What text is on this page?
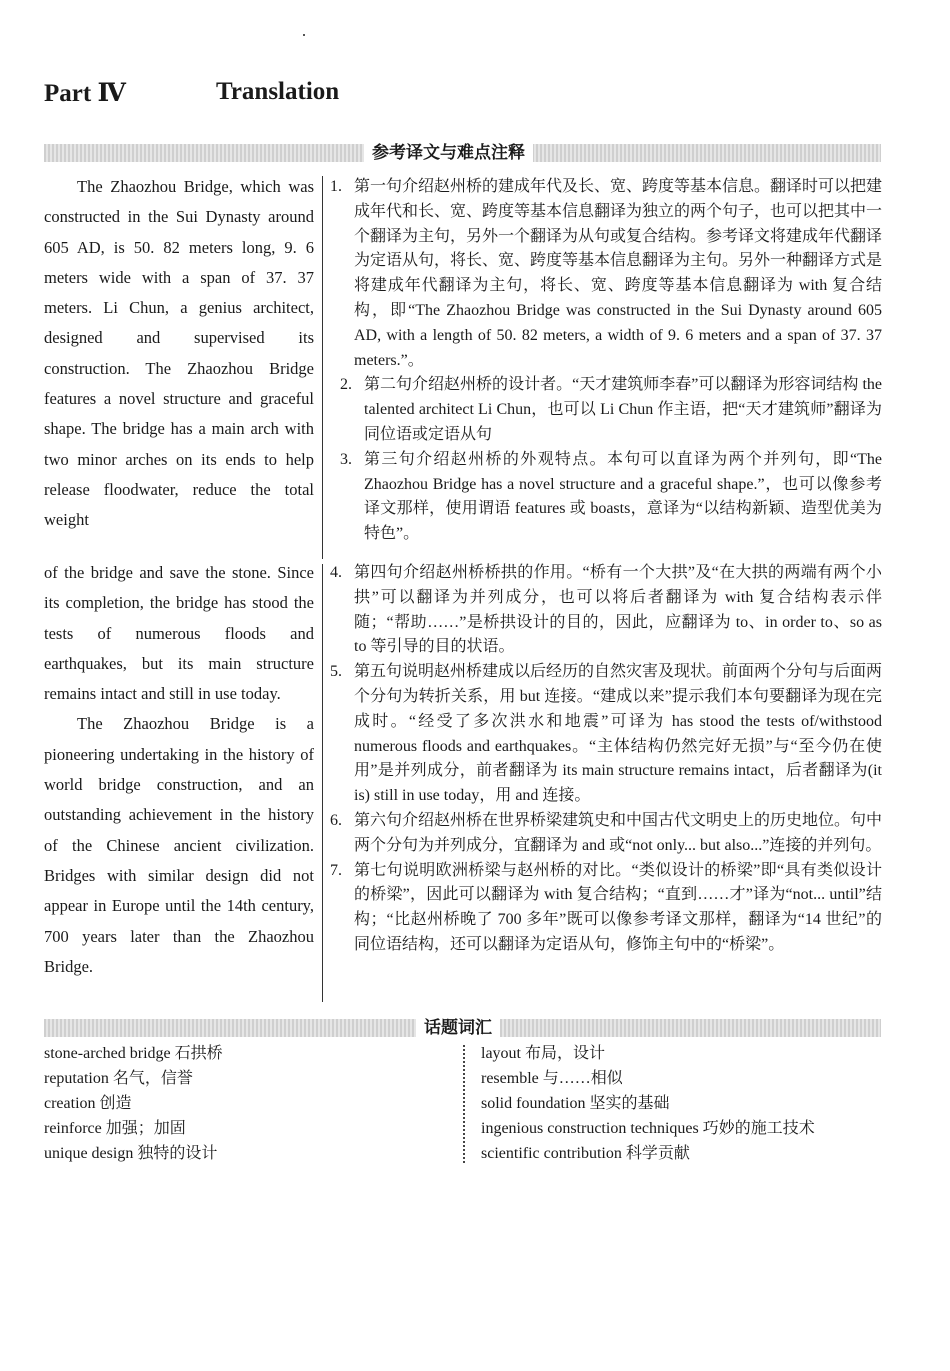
Part Ⅳ	Translation
参考译文与难点注释

The Zhaozhou Bridge, which was constructed in the Sui Dynasty around 605 AD, is 50. 82 meters long, 9. 6 meters wide with a span of 37. 37 meters. Li Chun, a genius architect, designed and supervised its construction. The Zhaozhou Bridge features a novel structure and graceful shape. The bridge has a main arch with two minor arches on its ends to help release floodwater, reduce the total weight

of the bridge and save the stone. Since its completion, the bridge has stood the tests of numerous floods and earthquakes, but its main structure remains intact and still in use today.

The Zhaozhou Bridge is a pioneering undertaking in the history of world bridge construction, and an outstanding achievement in the history of the Chinese ancient civilization. Bridges with similar design did not appear in Europe until the 14th century, 700 years later than the Zhaozhou Bridge.

1. 第一句介绍赵州桥的建成年代及长、宽、跨度等基本信息。翻译时可以把建成年代和长、宽、跨度等基本信息翻译为独立的两个句子，也可以把其中一个翻译为主句，另外一个翻译为从句或复合结构。参考译文将建成年代翻译为定语从句，将长、宽、跨度等基本信息翻译为主句。另外一种翻译方式是将建成年代翻译为主句，将长、宽、跨度等基本信息翻译为 with 复合结构，即“The Zhaozhou Bridge was constructed in the Sui Dynasty around 605 AD, with a length of 50. 82 meters, a width of 9. 6 meters and a span of 37. 37 meters.”。
2. 第二句介绍赵州桥的设计者。“天才建筑师李春”可以翻译为形容词结构 the talented architect Li Chun，也可以 Li Chun 作主语，把“天才建筑师”翻译为同位语或定语从句
3. 第三句介绍赵州桥的外观特点。本句可以直译为两个并列句，即“The Zhaozhou Bridge has a novel structure and a graceful shape.”，也可以像参考译文那样，使用谓语 features 或 boasts，意译为“以结构新颖、造型优美为特色”。
4. 第四句介绍赵州桥桥拱的作用。“桥有一个大拱”及“在大拱的两端有两个小拱”可以翻译为并列成分，也可以将后者翻译为 with 复合结构表示伴随；“帮助……”是桥拱设计的目的，因此，应翻译为 to、in order to、so as to 等引导的目的状语。
5. 第五句说明赵州桥建成以后经历的自然灾害及现状。前面两个分句与后面两个分句为转折关系，用 but 连接。“建成以来”提示我们本句要翻译为现在完成时。“经受了多次洪水和地震”可译为 has stood the tests of/withstood numerous floods and earthquakes。“主体结构仍然完好无损”与“至今仍在使用”是并列成分，前者翻译为 its main structure remains intact，后者翻译为(it is) still in use today，用 and 连接。
6. 第六句介绍赵州桥在世界桥梁建筑史和中国古代文明史上的历史地位。句中两个分句为并列成分，宜翻译为 and 或“not only... but also...”连接的并列句。
7. 第七句说明欧洲桥梁与赵州桥的对比。“类似设计的桥梁”即“具有类似设计的桥梁”，因此可以翻译为 with 复合结构；“直到……才”译为“not... until”结构；“比赵州桥晚了 700 多年”既可以像参考译文那样，翻译为“14 世纪”的同位语结构，还可以翻译为定语从句，修饰主句中的“桥梁”。
话题词汇
stone-arched bridge 石拱桥
reputation 名气，信誉
creation 创造
reinforce 加强；加固
unique design 独特的设计
layout 布局，设计
resemble 与……相似
solid foundation 坚实的基础
ingenious construction techniques 巧妙的施工技术
scientific contribution 科学贡献
